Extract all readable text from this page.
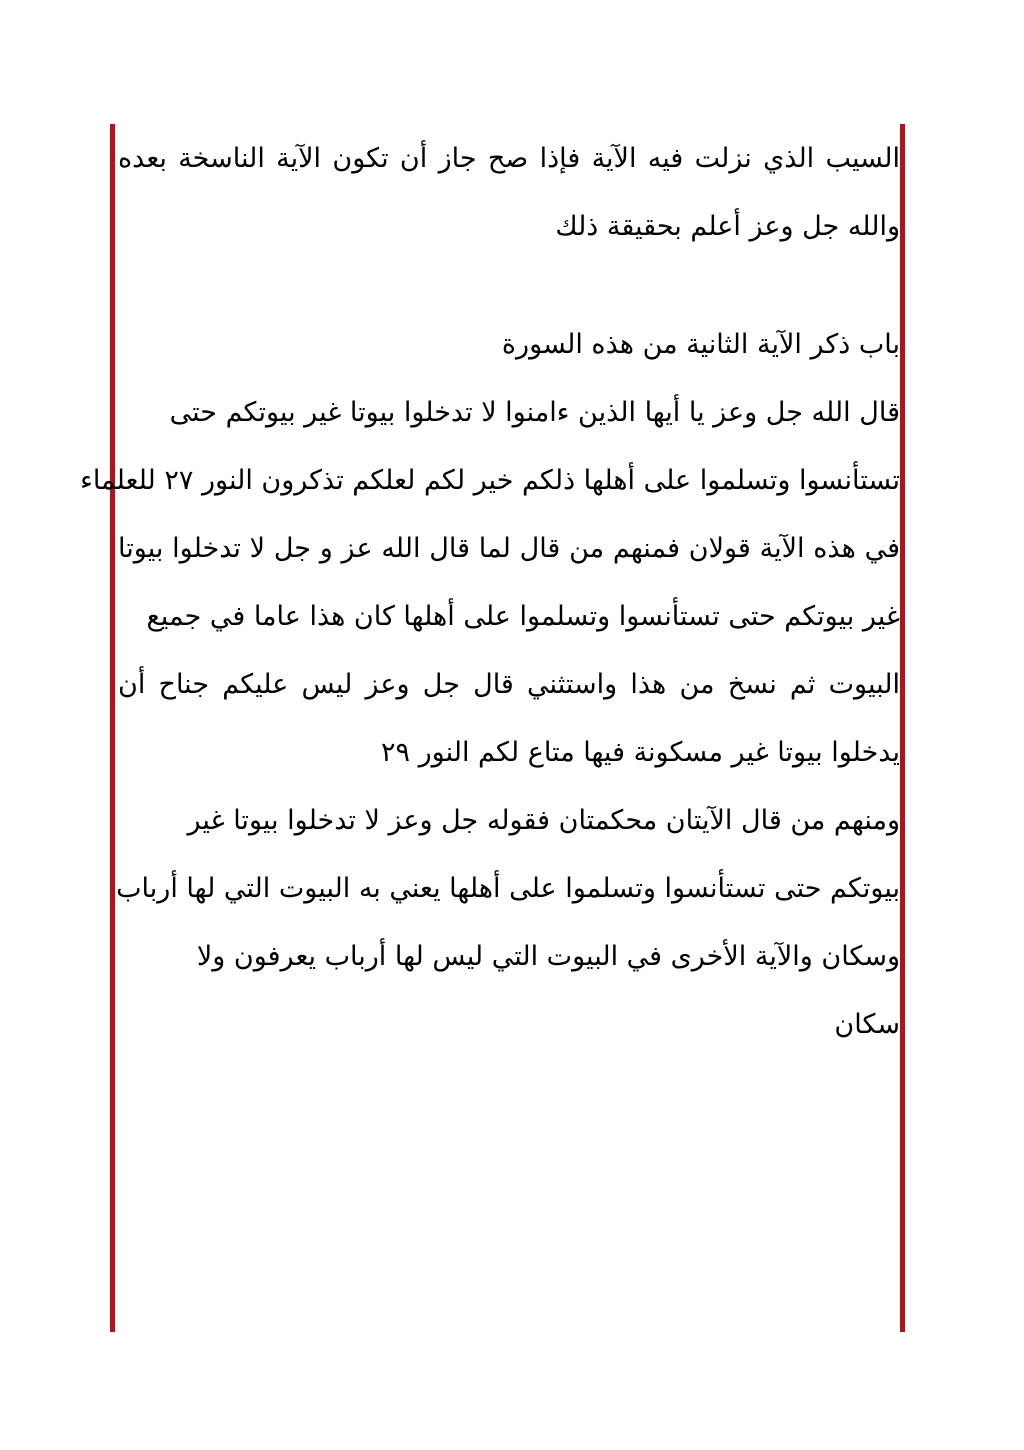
السيب الذي نزلت فيه الآية فإذا صح جاز أن تكون الآية الناسخة بعده
والله جل وعز أعلم بحقيقة ذلك
باب ذكر الآية الثانية من هذه السورة
قال الله جل وعز يا أيها الذين ءامنوا لا تدخلوا بيوتا غير بيوتكم حتى
تستأنسوا وتسلموا على أهلها ذلكم خير لكم لعلكم تذكرون النور ٢٧ للعلماء
في هذه الآية قولان فمنهم من قال لما قال الله عز و جل لا تدخلوا بيوتا
غير بيوتكم حتى تستأنسوا وتسلموا على أهلها كان هذا عاما في جميع
البيوت ثم نسخ من هذا واستثني قال جل وعز ليس عليكم جناح أن
يدخلوا بيوتا غير مسكونة فيها متاع لكم النور ٢٩
ومنهم من قال الآيتان محكمتان فقوله جل وعز لا تدخلوا بيوتا غير
بيوتكم حتى تستأنسوا وتسلموا على أهلها يعني به البيوت التي لها أرباب
وسكان والآية الأخرى في البيوت التي ليس لها أرباب يعرفون ولا
سكان
